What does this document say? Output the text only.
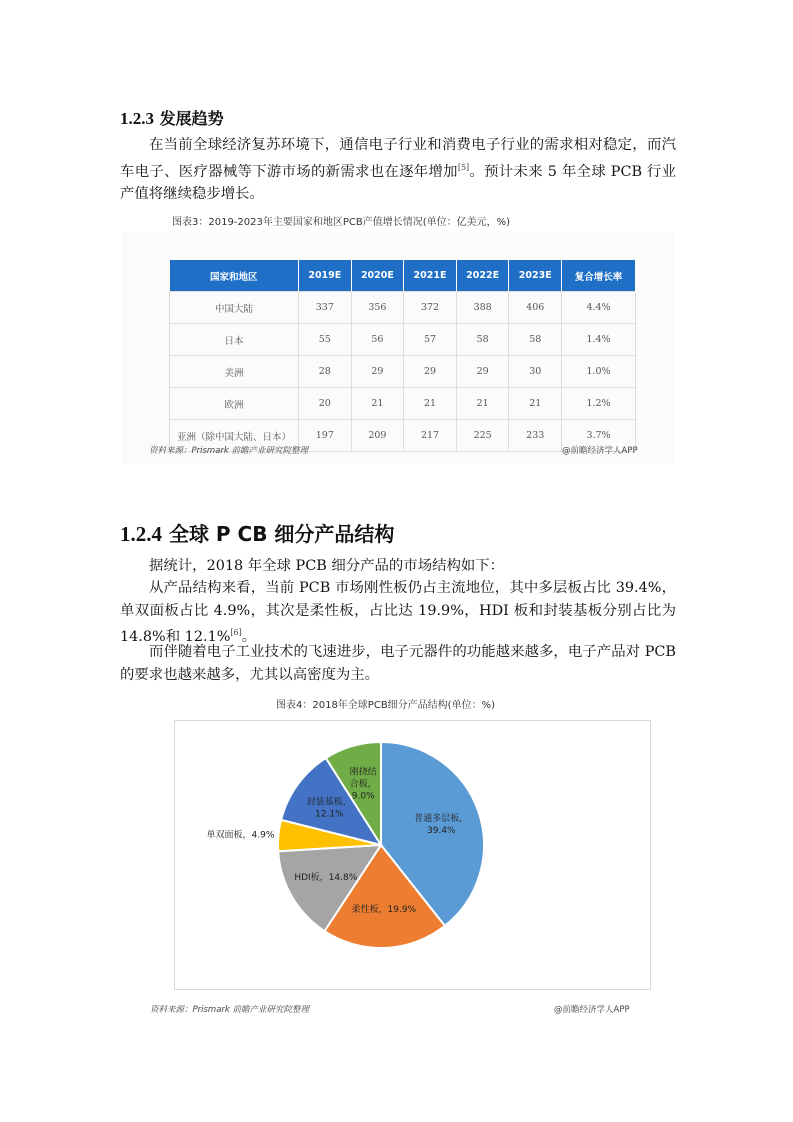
1.2.3 发展趋势
在当前全球经济复苏环境下，通信电子行业和消费电子行业的需求相对稳定，而汽车电子、医疗器械等下游市场的新需求也在逐年增加[5]。预计未来 5 年全球 PCB 行业产值将继续稳步增长。
图表3：2019-2023年主要国家和地区PCB产值增长情况(单位：亿美元，%)
国家和地区	2019E	2020E	2021E	2022E	2023E	复合增长率
中国大陆	337	356	372	388	406	4.4%
日本	55	56	57	58	58	1.4%
美洲	28	29	29	29	30	1.0%
欧洲	20	21	21	21	21	1.2%
亚洲（除中国大陆、日本）	197	209	217	225	233	3.7%
资料来源：Prismark 前瞻产业研究院整理	@前瞻经济学人APP
1.2.4 全球 P CB 细分产品结构
据统计，2018 年全球 PCB 细分产品的市场结构如下：
从产品结构来看，当前 PCB 市场刚性板仍占主流地位，其中多层板占比 39.4%，单双面板占比 4.9%，其次是柔性板，占比达 19.9%，HDI 板和封装基板分别占比为 14.8%和 12.1%[6]。
而伴随着电子工业技术的飞速进步，电子元器件的功能越来越多，电子产品对 PCB 的要求也越来越多，尤其以高密度为主。
图表4：2018年全球PCB细分产品结构(单位：%)
普通多层板， 39.4%
柔性板，19.9%
HDI板，14.8%
单双面板，4.9%
封装基板， 12.1%
刚挠结合板， 9.0%
资料来源：Prismark 前瞻产业研究院整理	@前瞻经济学人APP
